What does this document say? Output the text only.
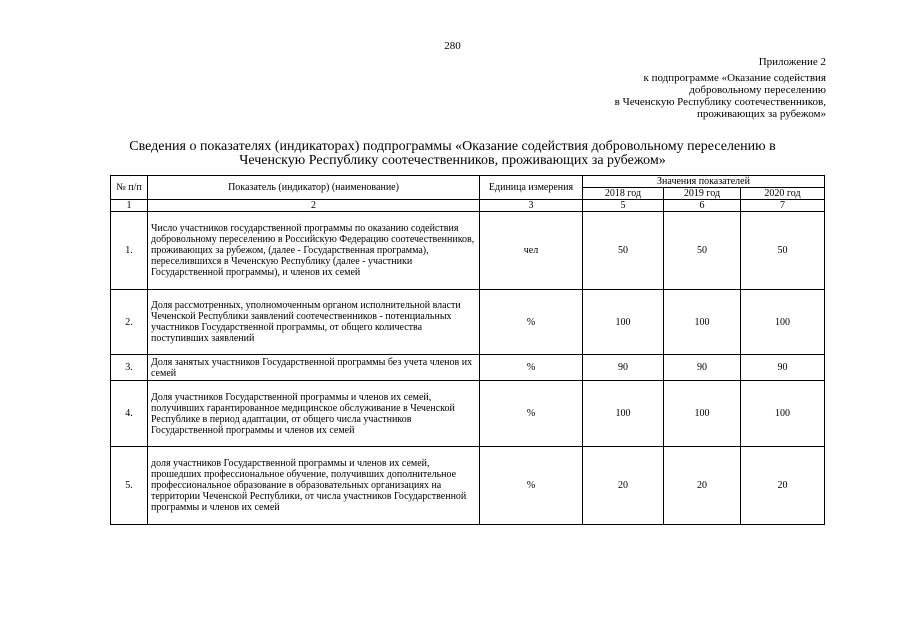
280
Приложение 2
к подпрограмме «Оказание содействия
добровольному переселению
в Чеченскую Республику соотечественников,
проживающих за рубежом»
Сведения о показателях (индикаторах) подпрограммы «Оказание содействия добровольному переселению в
Чеченскую Республику соотечественников, проживающих за рубежом»
№ п/п	Показатель (индикатор) (наименование)	Единица измерения	Значения показателей		
			2018 год	2019 год	2020 год
1	2	3	5	6	7
1.	Число участников государственной программы по оказанию содействия добровольному переселению в Российскую Федерацию соотечественников, проживающих за рубежом, (далее - Государственная программа), переселившихся в Чеченскую Республику (далее - участники Государственной программы), и членов их семей	чел	50	50	50
2.	Доля рассмотренных, уполномоченным органом исполнительной власти Чеченской Республики заявлений соотечественников - потенциальных участников Государственной программы, от общего количества поступивших заявлений	%	100	100	100
3.	Доля занятых участников Государственной программы без учета членов их семей	%	90	90	90
4.	Доля участников Государственной программы и членов их семей, получивших гарантированное медицинское обслуживание в Чеченской Республике в период адаптации, от общего числа участников Государственной программы и членов их семей	%	100	100	100
5.	доля участников Государственной программы и членов их семей, прошедших профессиональное обучение, получивших дополнительное профессиональное образование в образовательных организациях на территории Чеченской Республики, от числа участников Государственной программы и членов их семей	%	20	20	20
